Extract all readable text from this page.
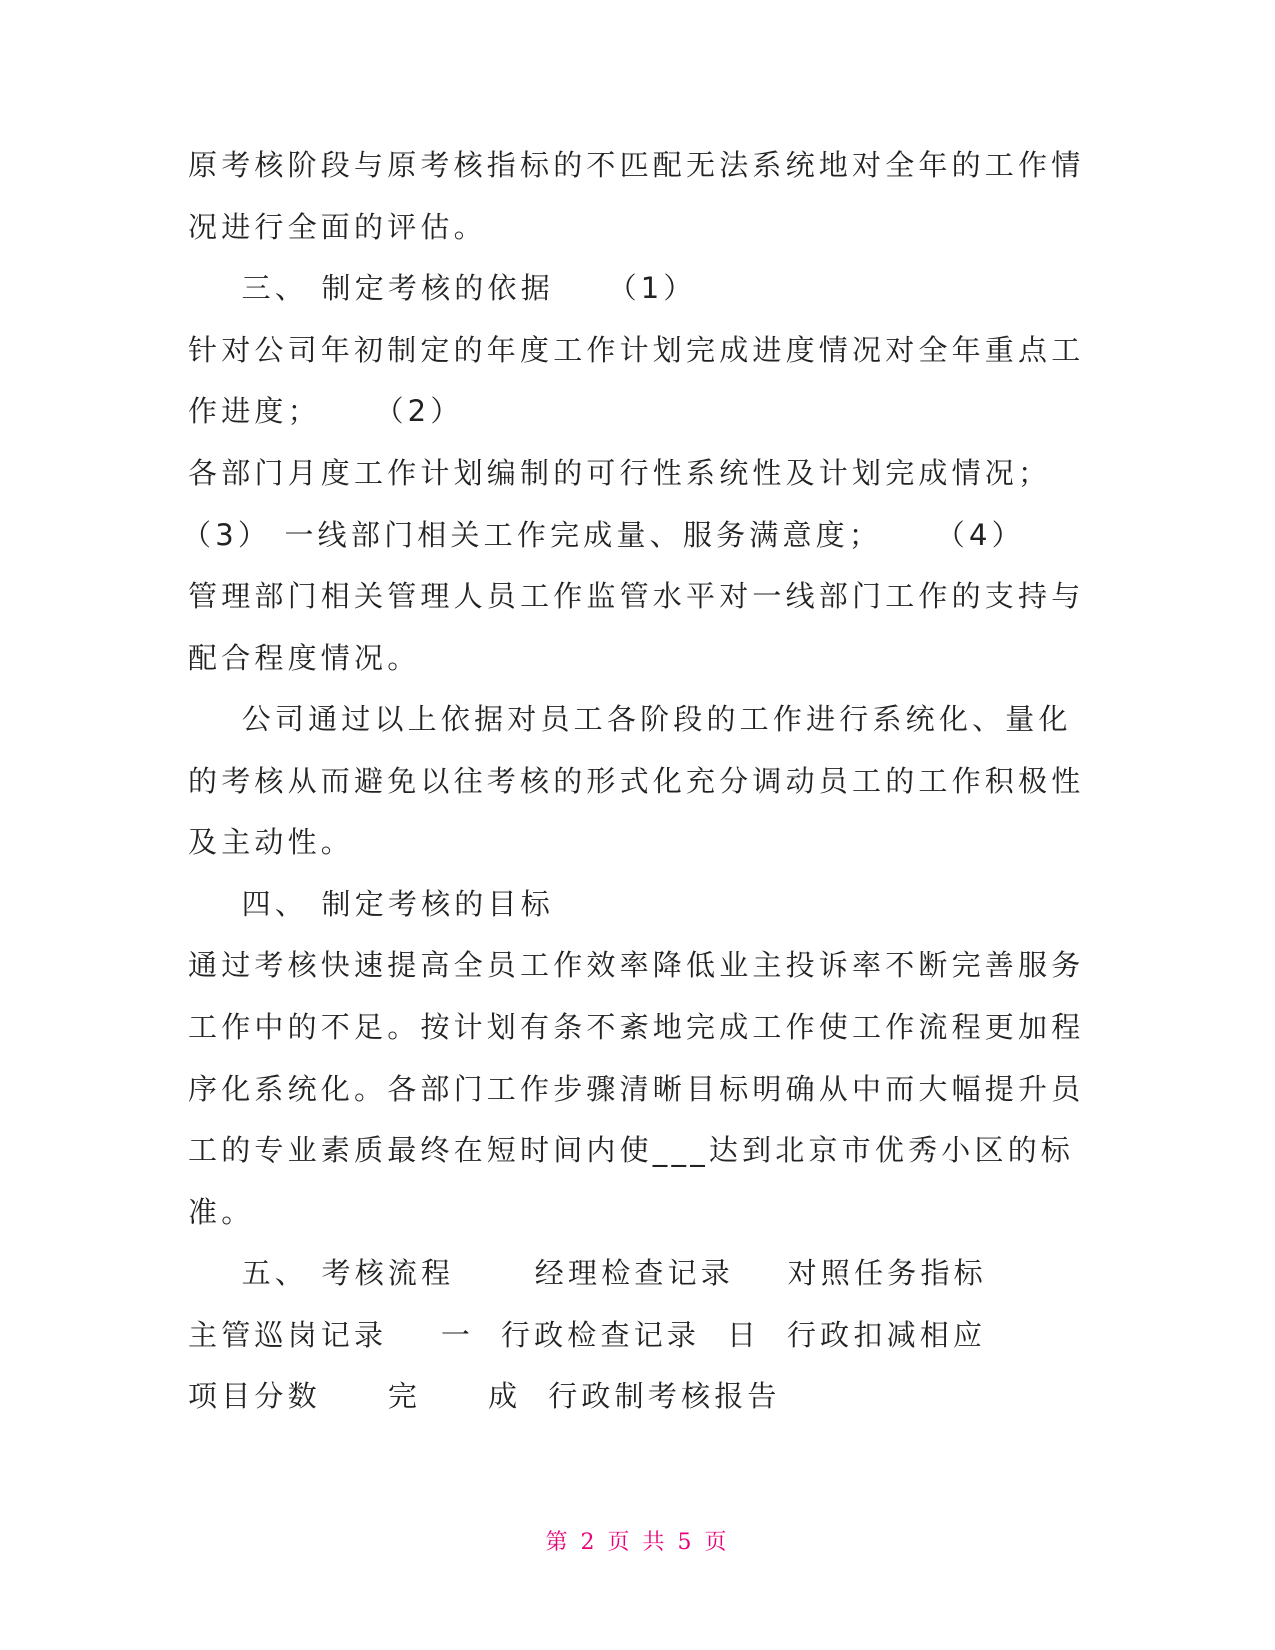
原考核阶段与原考核指标的不匹配无法系统地对全年的工作情
况进行全面的评估。
三、 制定考核的依据    （1）
针对公司年初制定的年度工作计划完成进度情况对全年重点工
作进度；    （2）
各部门月度工作计划编制的可行性系统性及计划完成情况；
（3） 一线部门相关工作完成量、服务满意度；    （4）
管理部门相关管理人员工作监管水平对一线部门工作的支持与
配合程度情况。
公司通过以上依据对员工各阶段的工作进行系统化、量化
的考核从而避免以往考核的形式化充分调动员工的工作积极性
及主动性。
四、 制定考核的目标
通过考核快速提高全员工作效率降低业主投诉率不断完善服务
工作中的不足。按计划有条不紊地完成工作使工作流程更加程
序化系统化。各部门工作步骤清晰目标明确从中而大幅提升员
工的专业素质最终在短时间内使___达到北京市优秀小区的标
准。
五、 考核流程      经理检查记录    对照任务指标
主管巡岗记录    一  行政检查记录  日  行政扣减相应
项目分数     完     成  行政制考核报告
第 2 页 共 5 页
